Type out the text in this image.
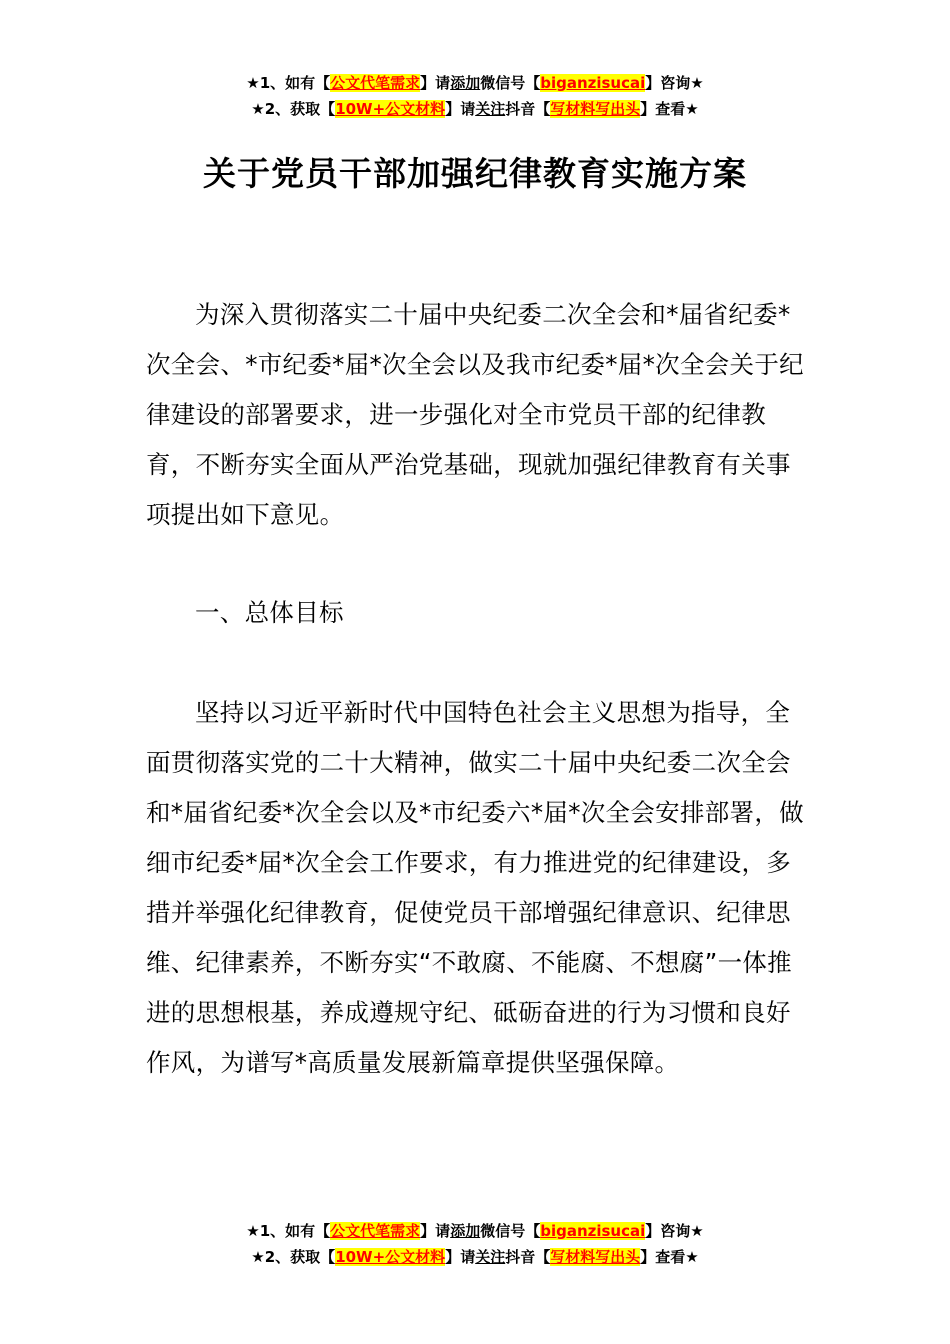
★1、如有【公文代笔需求】请添加微信号【biganzisucai】咨询★
★2、获取【10W+公文材料】请关注抖音【写材料写出头】查看★
关于党员干部加强纪律教育实施方案

为深入贯彻落实二十届中央纪委二次全会和*届省纪委*次全会、*市纪委*届*次全会以及我市纪委*届*次全会关于纪律建设的部署要求，进一步强化对全市党员干部的纪律教育，不断夯实全面从严治党基础，现就加强纪律教育有关事项提出如下意见。

一、总体目标

坚持以习近平新时代中国特色社会主义思想为指导，全面贯彻落实党的二十大精神，做实二十届中央纪委二次全会和*届省纪委*次全会以及*市纪委六*届*次全会安排部署，做细市纪委*届*次全会工作要求，有力推进党的纪律建设，多措并举强化纪律教育，促使党员干部增强纪律意识、纪律思维、纪律素养，不断夯实“不敢腐、不能腐、不想腐”一体推进的思想根基，养成遵规守纪、砥砺奋进的行为习惯和良好作风，为谱写*高质量发展新篇章提供坚强保障。

★1、如有【公文代笔需求】请添加微信号【biganzisucai】咨询★
★2、获取【10W+公文材料】请关注抖音【写材料写出头】查看★
